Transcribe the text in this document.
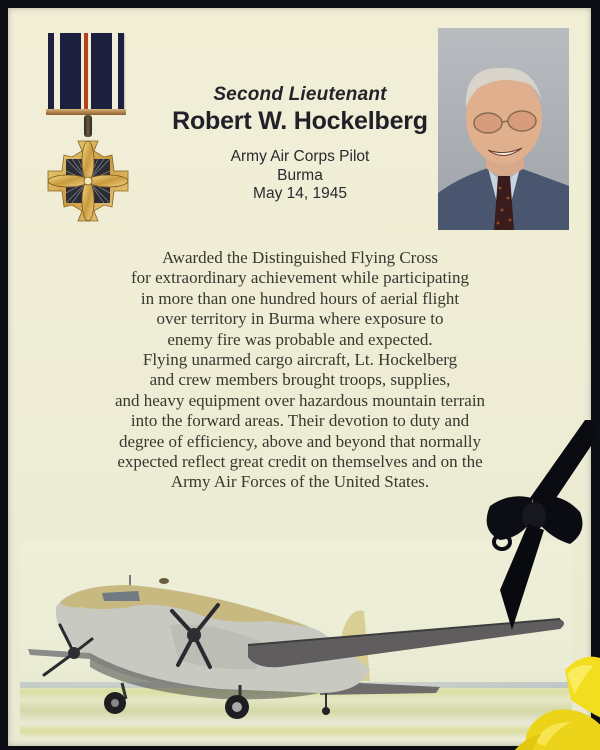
Second Lieutenant
Robert W. Hockelberg
Army Air Corps Pilot
Burma
May 14, 1945
Awarded the Distinguished Flying Cross
for extraordinary achievement while participating
in more than one hundred hours of aerial flight
over territory in Burma where exposure to
enemy fire was probable and expected.
Flying unarmed cargo aircraft, Lt. Hockelberg
and crew members brought troops, supplies,
and heavy equipment over hazardous mountain terrain
into the forward areas. Their devotion to duty and
degree of efficiency, above and beyond that normally
expected reflect great credit on themselves and on the
Army Air Forces of the United States.
